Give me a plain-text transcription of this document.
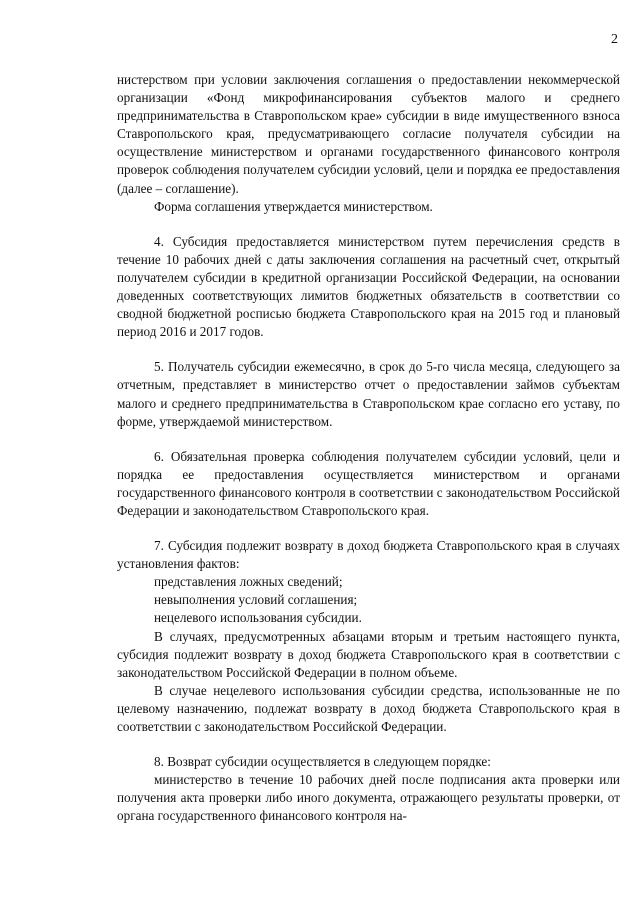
2

нистерством при условии заключения соглашения о предоставлении некоммерческой организации «Фонд микрофинансирования субъектов малого и среднего предпринимательства в Ставропольском крае» субсидии в виде имущественного взноса Ставропольского края, предусматривающего согласие получателя субсидии на осуществление министерством и органами государственного финансового контроля проверок соблюдения получателем субсидии условий, цели и порядка ее предоставления (далее – соглашение).

Форма соглашения утверждается министерством.

4. Субсидия предоставляется министерством путем перечисления средств в течение 10 рабочих дней с даты заключения соглашения на расчетный счет, открытый получателем субсидии в кредитной организации Российской Федерации, на основании доведенных соответствующих лимитов бюджетных обязательств в соответствии со сводной бюджетной росписью бюджета Ставропольского края на 2015 год и плановый период 2016 и 2017 годов.

5. Получатель субсидии ежемесячно, в срок до 5-го числа месяца, следующего за отчетным, представляет в министерство отчет о предоставлении займов субъектам малого и среднего предпринимательства в Ставропольском крае согласно его уставу, по форме, утверждаемой министерством.

6. Обязательная проверка соблюдения получателем субсидии условий, цели и порядка ее предоставления осуществляется министерством и органами государственного финансового контроля в соответствии с законодательством Российской Федерации и законодательством Ставропольского края.

7. Субсидия подлежит возврату в доход бюджета Ставропольского края в случаях установления фактов:

представления ложных сведений;

невыполнения условий соглашения;

нецелевого использования субсидии.

В случаях, предусмотренных абзацами вторым и третьим настоящего пункта, субсидия подлежит возврату в доход бюджета Ставропольского края в соответствии с законодательством Российской Федерации в полном объеме.

В случае нецелевого использования субсидии средства, использованные не по целевому назначению, подлежат возврату в доход бюджета Ставропольского края в соответствии с законодательством Российской Федерации.

8. Возврат субсидии осуществляется в следующем порядке:

министерство в течение 10 рабочих дней после подписания акта проверки или получения акта проверки либо иного документа, отражающего результаты проверки, от органа государственного финансового контроля на-
